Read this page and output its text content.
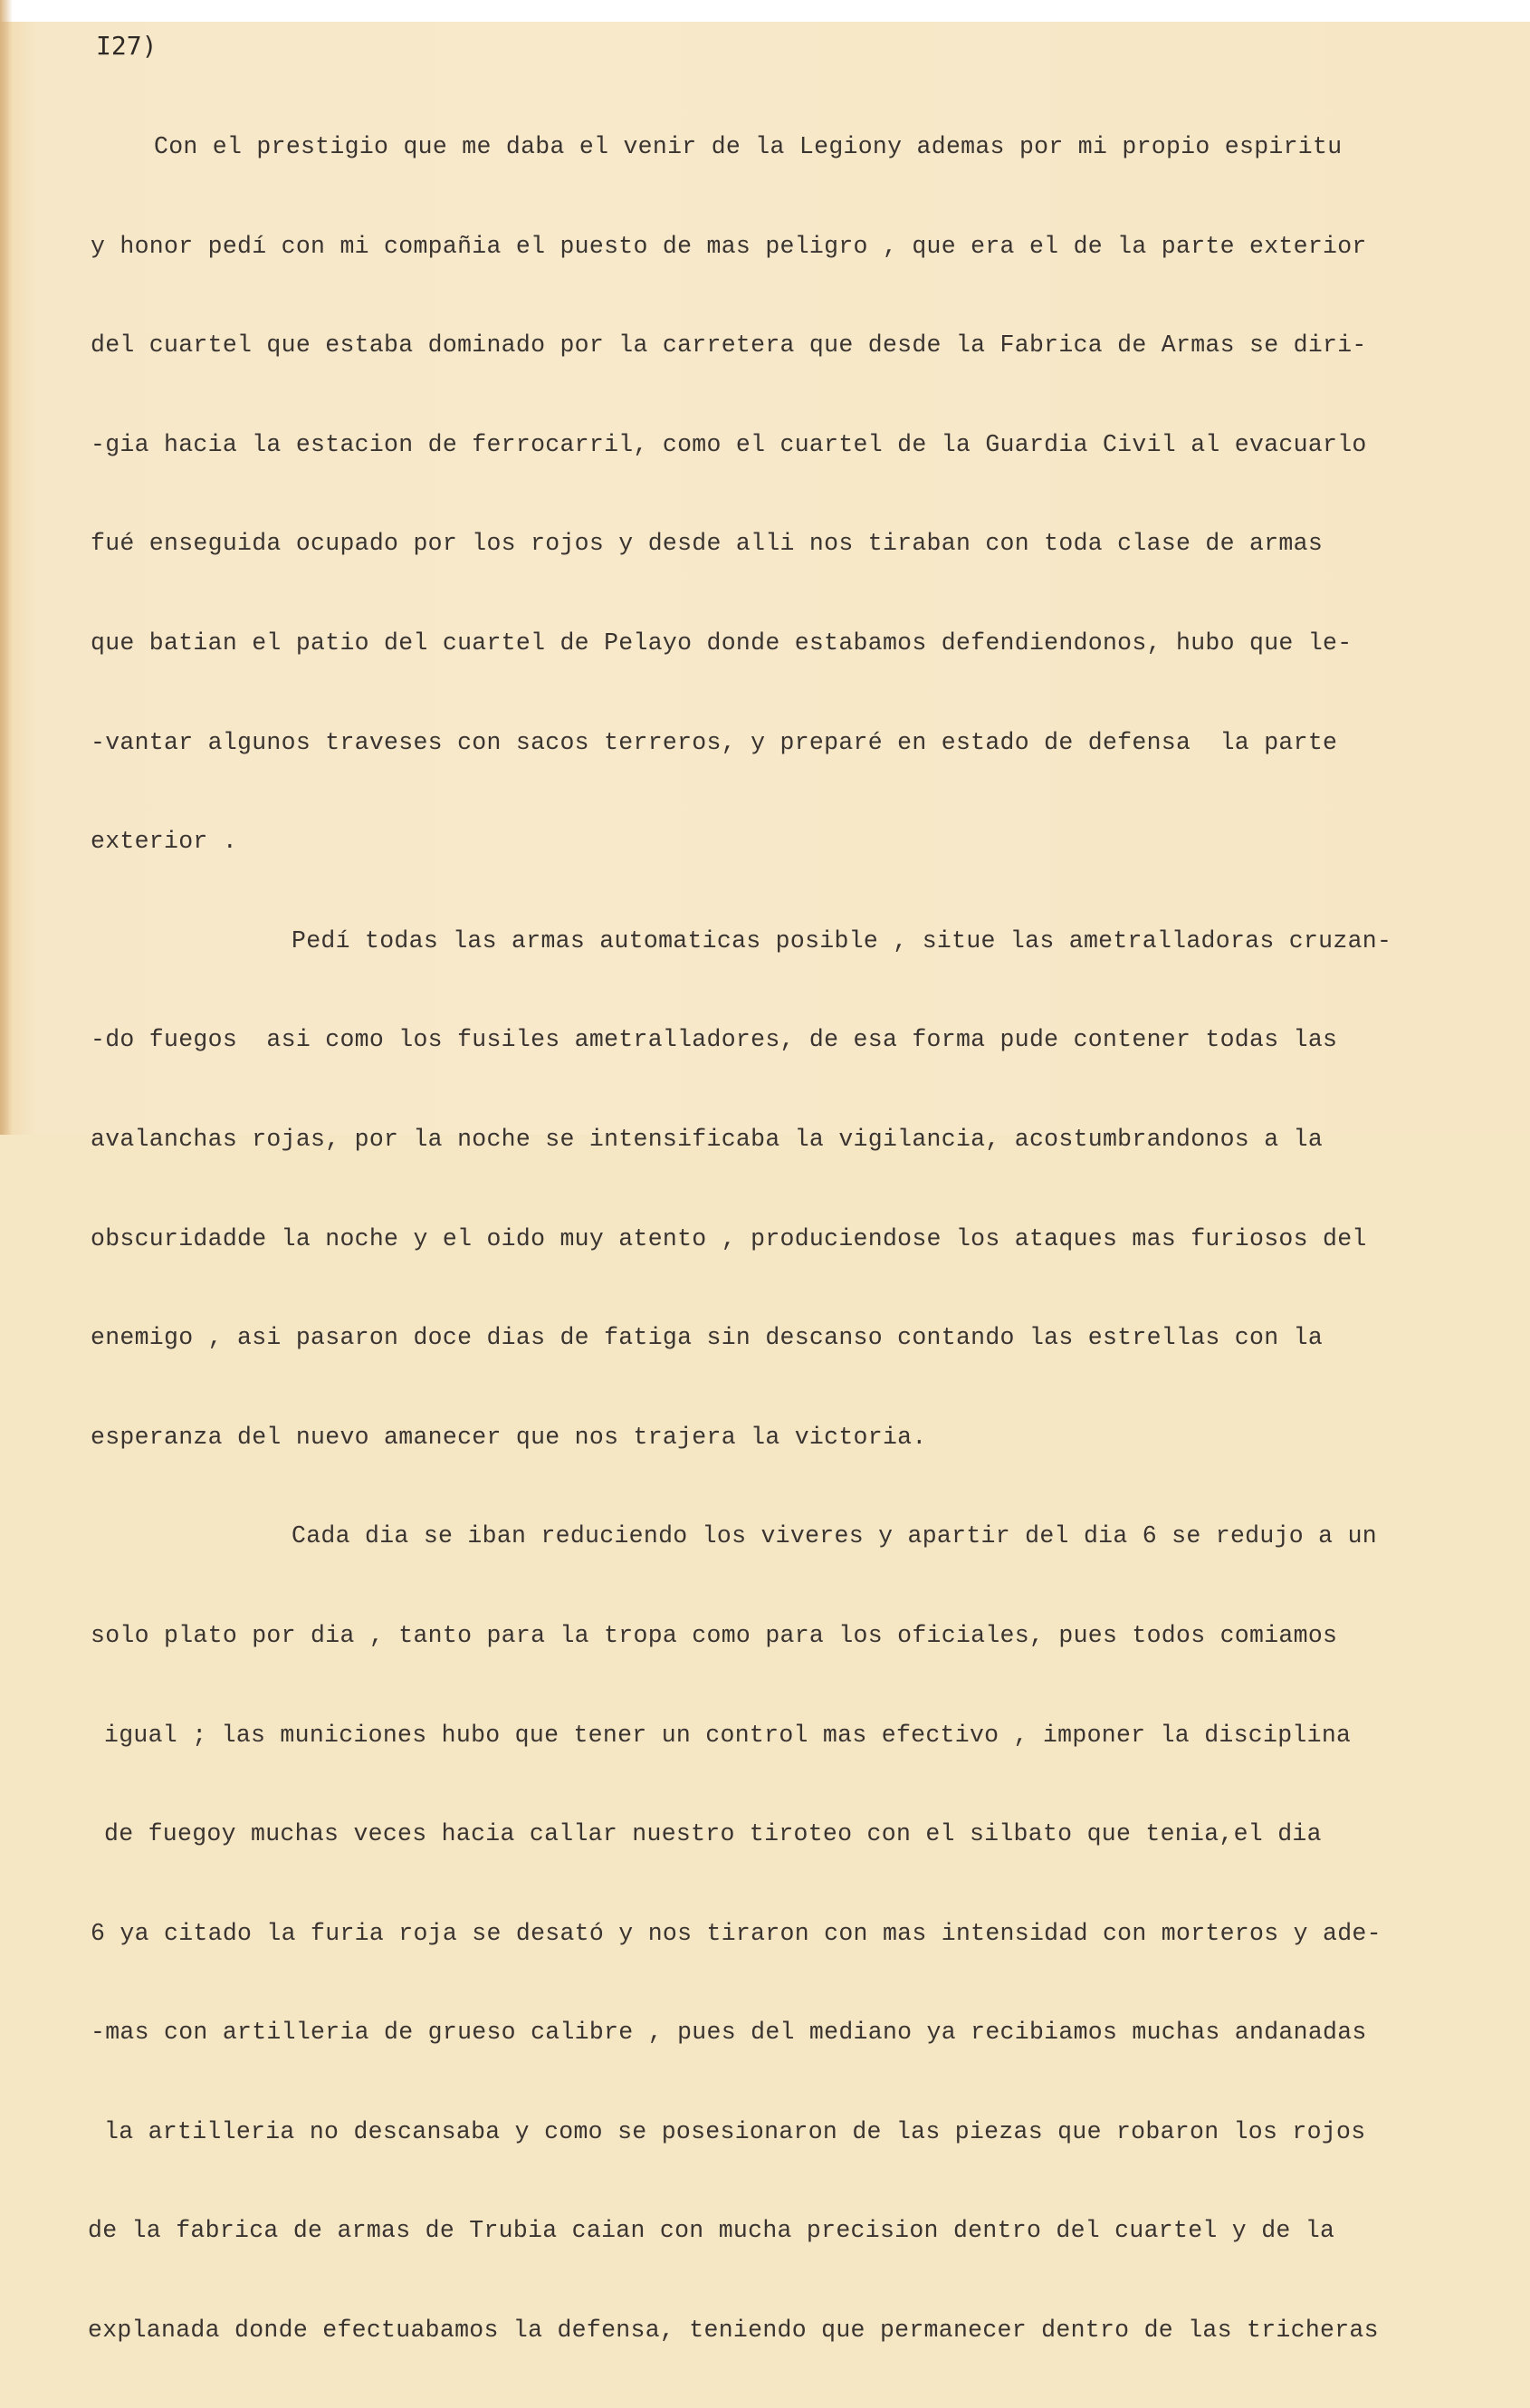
I27)

Con el prestigio que me daba el venir de la Legiony ademas por mi propio espiritu

y honor pedí con mi compañia el puesto de mas peligro , que era el de la parte exterior

del cuartel que estaba dominado por la carretera que desde la Fabrica de Armas se diri-

-gia hacia la estacion de ferrocarril, como el cuartel de la Guardia Civil al evacuarlo

fué enseguida ocupado por los rojos y desde alli nos tiraban con toda clase de armas

que batian el patio del cuartel de Pelayo donde estabamos defendiendonos, hubo que le-

-vantar algunos traveses con sacos terreros, y preparé en estado de defensa  la parte

exterior .

Pedí todas las armas automaticas posible , situe las ametralladoras cruzan-

-do fuegos  asi como los fusiles ametralladores, de esa forma pude contener todas las

avalanchas rojas, por la noche se intensificaba la vigilancia, acostumbrandonos a la

obscuridadde la noche y el oido muy atento , produciendose los ataques mas furiosos del

enemigo , asi pasaron doce dias de fatiga sin descanso contando las estrellas con la

esperanza del nuevo amanecer que nos trajera la victoria.

Cada dia se iban reduciendo los viveres y apartir del dia 6 se redujo a un

solo plato por dia , tanto para la tropa como para los oficiales, pues todos comiamos

igual ; las municiones hubo que tener un control mas efectivo , imponer la disciplina

de fuegoy muchas veces hacia callar nuestro tiroteo con el silbato que tenia,el dia

6 ya citado la furia roja se desató y nos tiraron con mas intensidad con morteros y ade-

-mas con artilleria de grueso calibre , pues del mediano ya recibiamos muchas andanadas

la artilleria no descansaba y como se posesionaron de las piezas que robaron los rojos

de la fabrica de armas de Trubia caian con mucha precision dentro del cuartel y de la

explanada donde efectuabamos la defensa, teniendo que permanecer dentro de las tricheras
